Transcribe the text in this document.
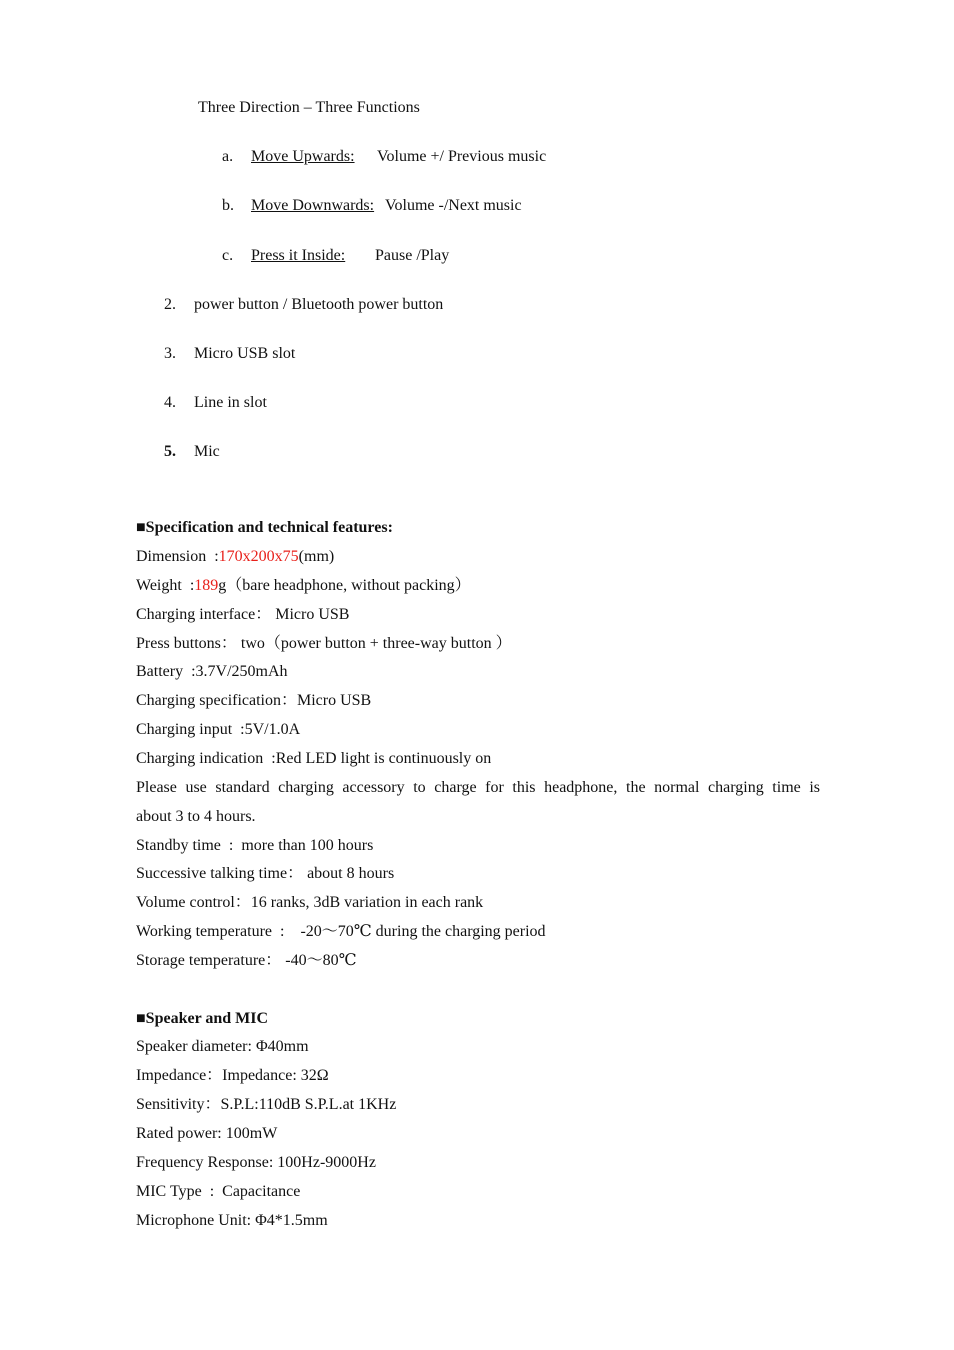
Three Direction – Three Functions
a. Move Upwards: Volume +/ Previous music
b. Move Downwards: Volume -/Next music
c. Press it Inside: Pause /Play
2. power button / Bluetooth power button
3. Micro USB slot
4. Line in slot
5. Mic
■Specification and technical features:
Dimension  :170x200x75(mm)
Weight  :189g（bare headphone, without packing）
Charging interface： Micro USB
Press buttons： two（power button + three-way button ）
Battery  :3.7V/250mAh
Charging specification：Micro USB
Charging input  :5V/1.0A
Charging indication  :Red LED light is continuously on
Please use standard charging accessory to charge for this headphone, the normal charging time is
about 3 to 4 hours.
Standby time  :  more than 100 hours
Successive talking time： about 8 hours
Volume control：16 ranks, 3dB variation in each rank
Working temperature  :    -20～70℃ during the charging period
Storage temperature： -40～80℃
■Speaker and MIC
Speaker diameter: Φ40mm
Impedance：Impedance: 32Ω
Sensitivity：S.P.L:110dB S.P.L.at 1KHz
Rated power: 100mW
Frequency Response: 100Hz-9000Hz
MIC Type  :  Capacitance
Microphone Unit: Φ4*1.5mm
